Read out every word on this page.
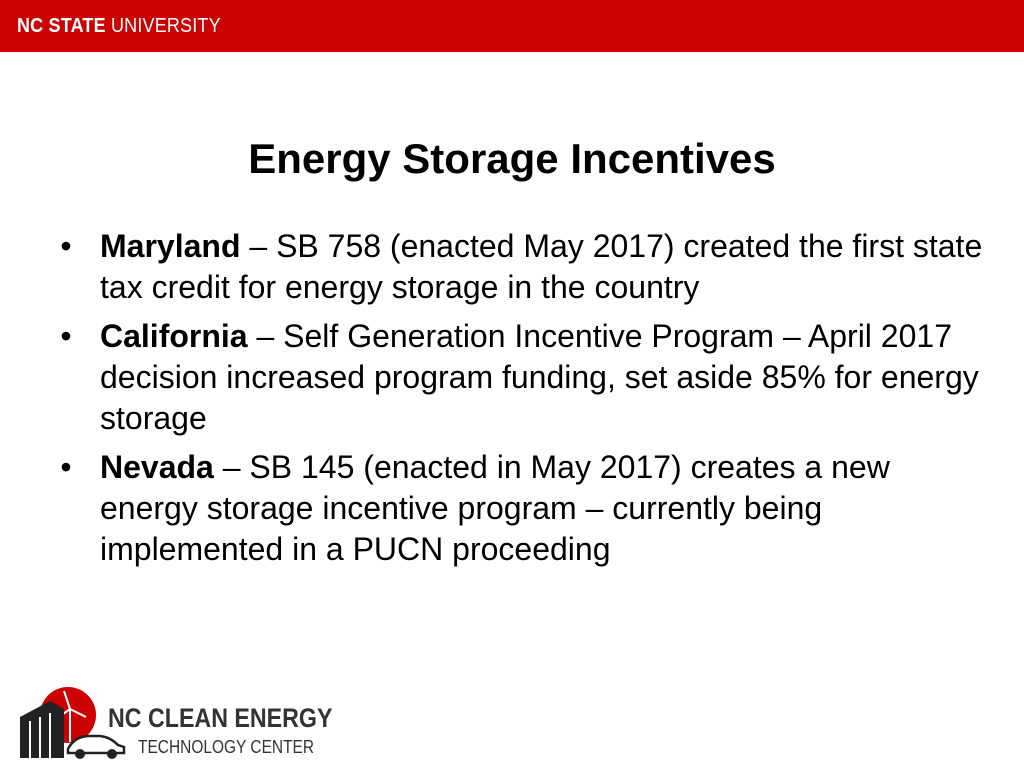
NC STATE UNIVERSITY
Energy Storage Incentives
• Maryland – SB 758 (enacted May 2017) created the first state tax credit for energy storage in the country
• California – Self Generation Incentive Program – April 2017 decision increased program funding, set aside 85% for energy storage
• Nevada – SB 145 (enacted in May 2017) creates a new energy storage incentive program – currently being implemented in a PUCN proceeding
NC CLEAN ENERGY
TECHNOLOGY CENTER
